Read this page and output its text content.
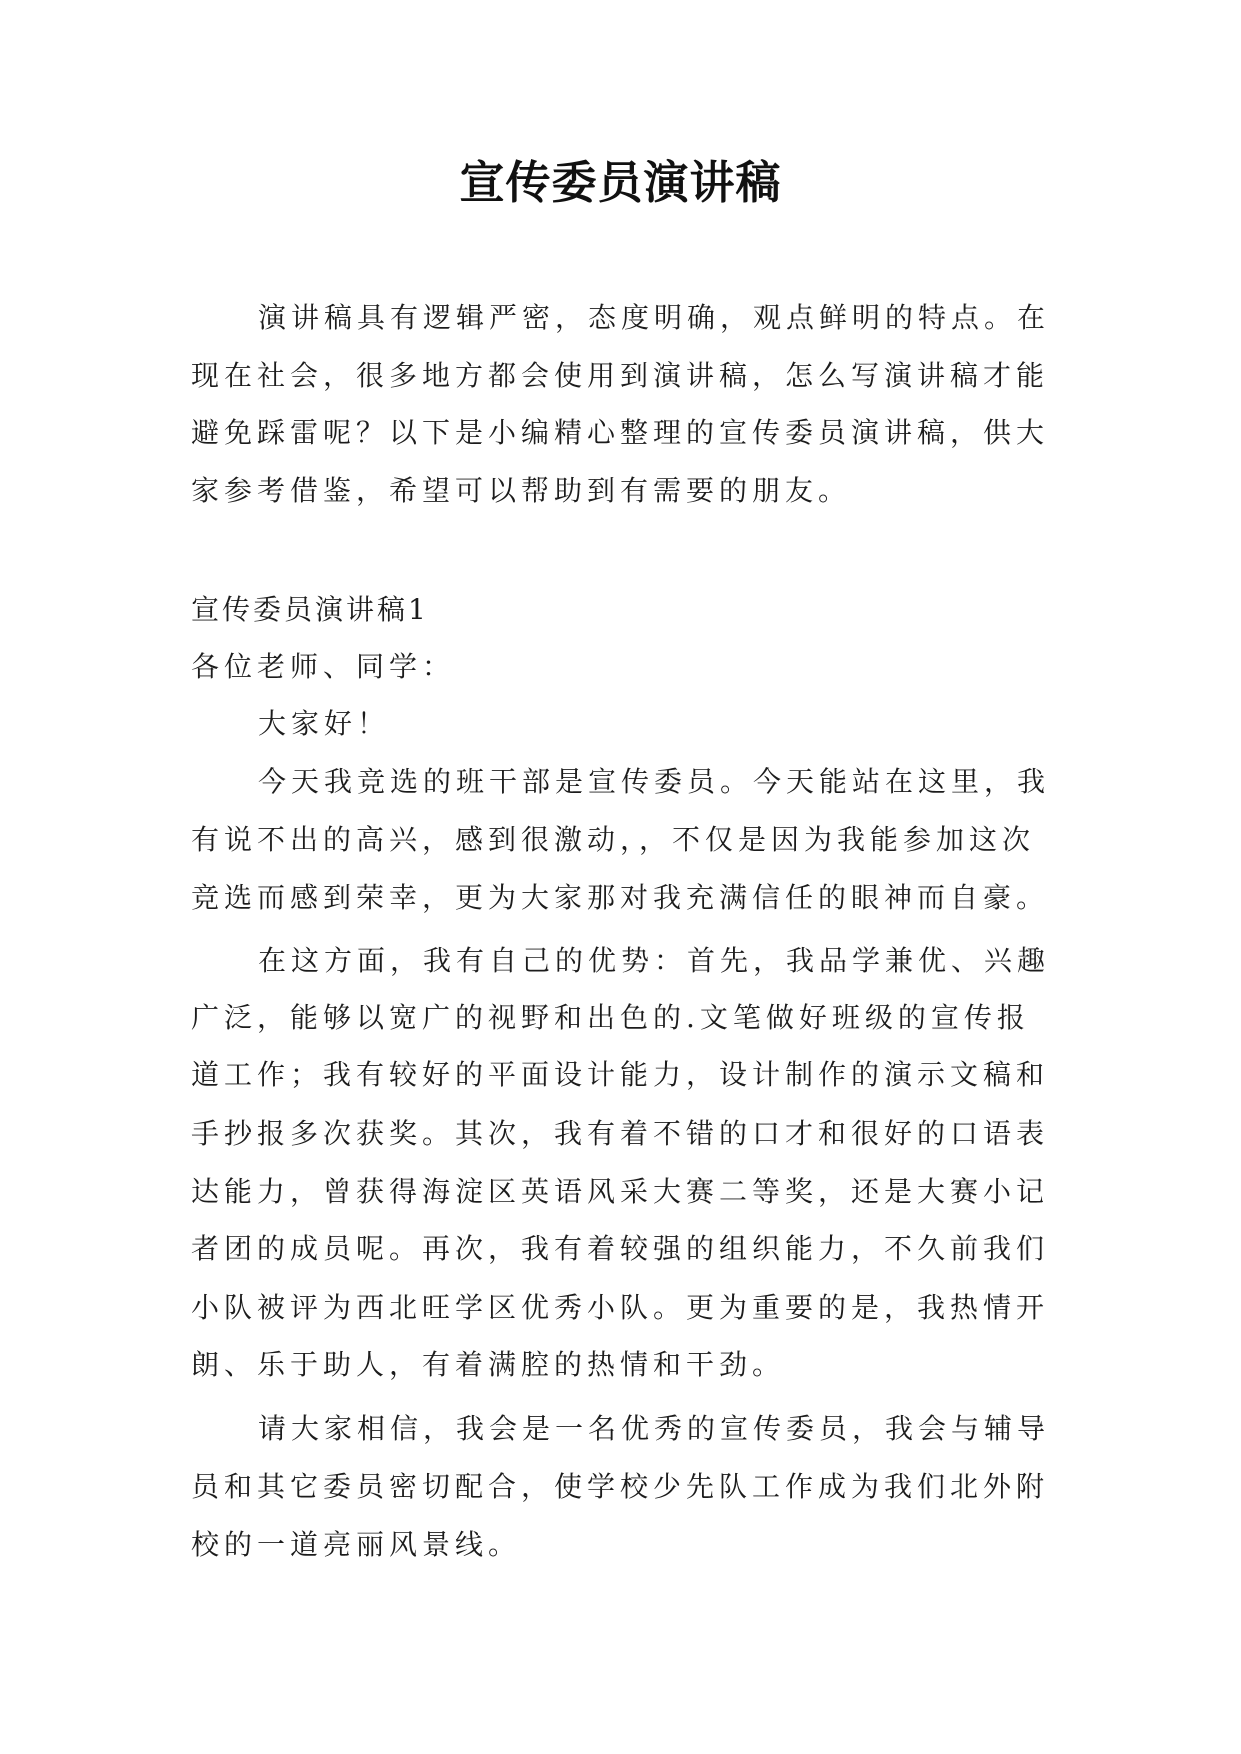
宣传委员演讲稿
演讲稿具有逻辑严密，态度明确，观点鲜明的特点。在
现在社会，很多地方都会使用到演讲稿，怎么写演讲稿才能
避免踩雷呢？以下是小编精心整理的宣传委员演讲稿，供大
家参考借鉴，希望可以帮助到有需要的朋友。
宣传委员演讲稿1
各位老师、同学：
大家好！
今天我竞选的班干部是宣传委员。今天能站在这里，我
有说不出的高兴，感到很激动，，不仅是因为我能参加这次
竞选而感到荣幸，更为大家那对我充满信任的眼神而自豪。
在这方面，我有自己的优势：首先，我品学兼优、兴趣
广泛，能够以宽广的视野和出色的.文笔做好班级的宣传报
道工作；我有较好的平面设计能力，设计制作的演示文稿和
手抄报多次获奖。其次，我有着不错的口才和很好的口语表
达能力，曾获得海淀区英语风采大赛二等奖，还是大赛小记
者团的成员呢。再次，我有着较强的组织能力，不久前我们
小队被评为西北旺学区优秀小队。更为重要的是，我热情开
朗、乐于助人，有着满腔的热情和干劲。
请大家相信，我会是一名优秀的宣传委员，我会与辅导
员和其它委员密切配合，使学校少先队工作成为我们北外附
校的一道亮丽风景线。
